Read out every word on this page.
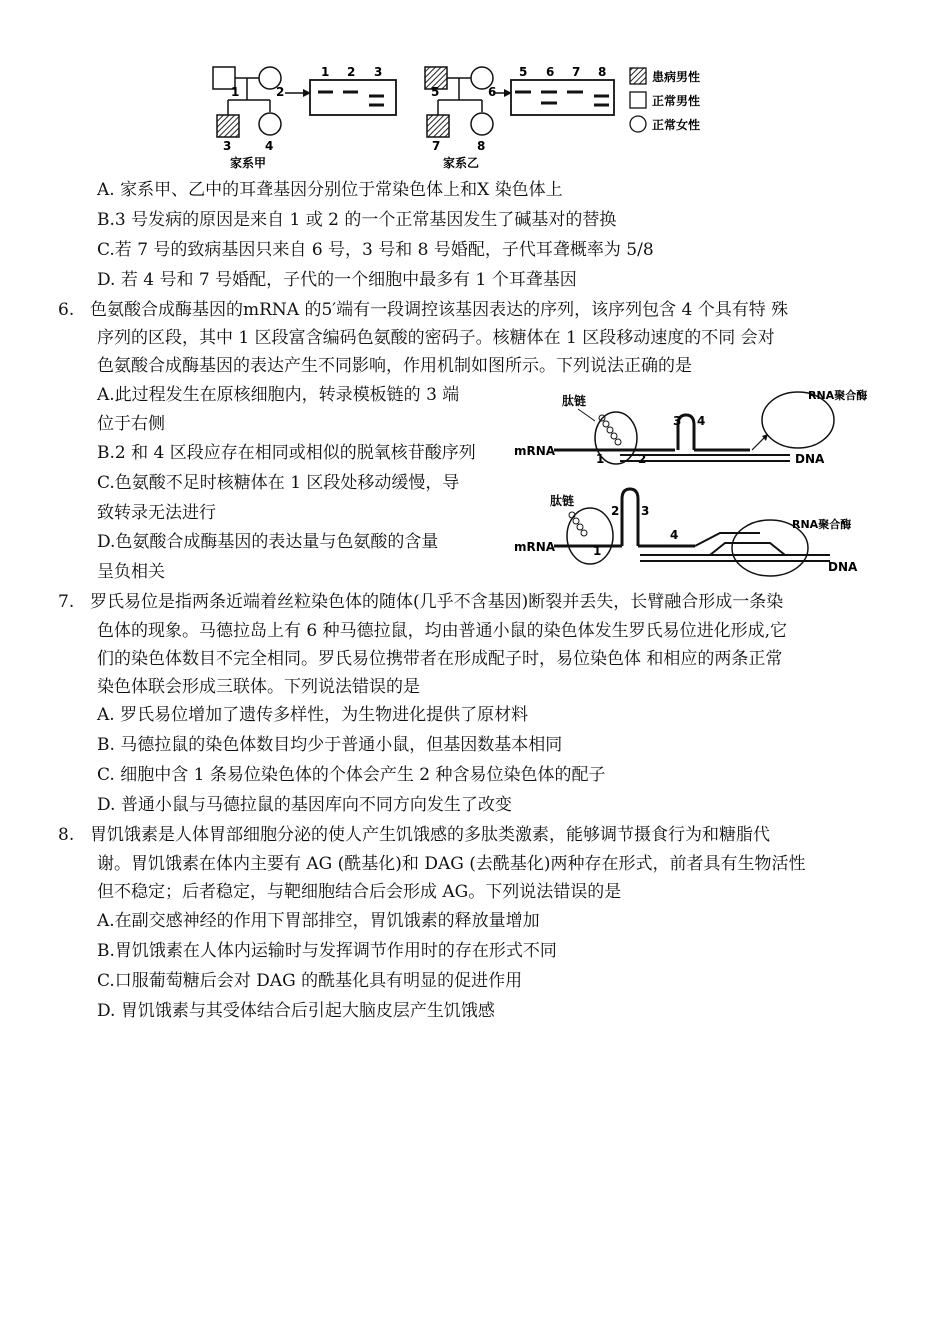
1	2
3	4
家系甲
1 2 3
5	6
7	8
家系乙
5 6 7 8	患病男性
正常男性
正常女性
A. 家系甲、乙中的耳聋基因分别位于常染色体上和X 染色体上
B.3 号发病的原因是来自 1 或 2 的一个正常基因发生了碱基对的替换
C.若 7 号的致病基因只来自 6 号，3 号和 8 号婚配，子代耳聋概率为 5/8
D. 若 4 号和 7 号婚配，子代的一个细胞中最多有 1 个耳聋基因
6. 色氨酸合成酶基因的mRNA 的5′端有一段调控该基因表达的序列，该序列包含 4 个具有特 殊
序列的区段，其中 1 区段富含编码色氨酸的密码子。核糖体在 1 区段移动速度的不同 会对
色氨酸合成酶基因的表达产生不同影响，作用机制如图所示。下列说法正确的是
A.此过程发生在原核细胞内，转录模板链的 3 端
位于右侧
B.2 和 4 区段应存在相同或相似的脱氧核苷酸序列
C.色氨酸不足时核糖体在 1 区段处移动缓慢，导
致转录无法进行
D.色氨酸合成酶基因的表达量与色氨酸的含量
呈负相关
肽链
mRNA
1	2
3 4
DNA
RNA聚合酶
肽链
mRNA	1
2 3
4
DNA
RNA聚合酶
7. 罗氏易位是指两条近端着丝粒染色体的随体(几乎不含基因)断裂并丢失，长臂融合形成一条染
色体的现象。马德拉岛上有 6 种马德拉鼠，均由普通小鼠的染色体发生罗氏易位进化形成,它
们的染色体数目不完全相同。罗氏易位携带者在形成配子时，易位染色体 和相应的两条正常
染色体联会形成三联体。下列说法错误的是
A. 罗氏易位增加了遗传多样性，为生物进化提供了原材料
B. 马德拉鼠的染色体数目均少于普通小鼠，但基因数基本相同
C. 细胞中含 1 条易位染色体的个体会产生 2 种含易位染色体的配子
D. 普通小鼠与马德拉鼠的基因库向不同方向发生了改变
8. 胃饥饿素是人体胃部细胞分泌的使人产生饥饿感的多肽类激素，能够调节摄食行为和糖脂代
谢。胃饥饿素在体内主要有 AG (酰基化)和 DAG (去酰基化)两种存在形式，前者具有生物活性
但不稳定；后者稳定，与靶细胞结合后会形成 AG。下列说法错误的是
A.在副交感神经的作用下胃部排空，胃饥饿素的释放量增加
B.胃饥饿素在人体内运输时与发挥调节作用时的存在形式不同
C.口服葡萄糖后会对 DAG 的酰基化具有明显的促进作用
D. 胃饥饿素与其受体结合后引起大脑皮层产生饥饿感
